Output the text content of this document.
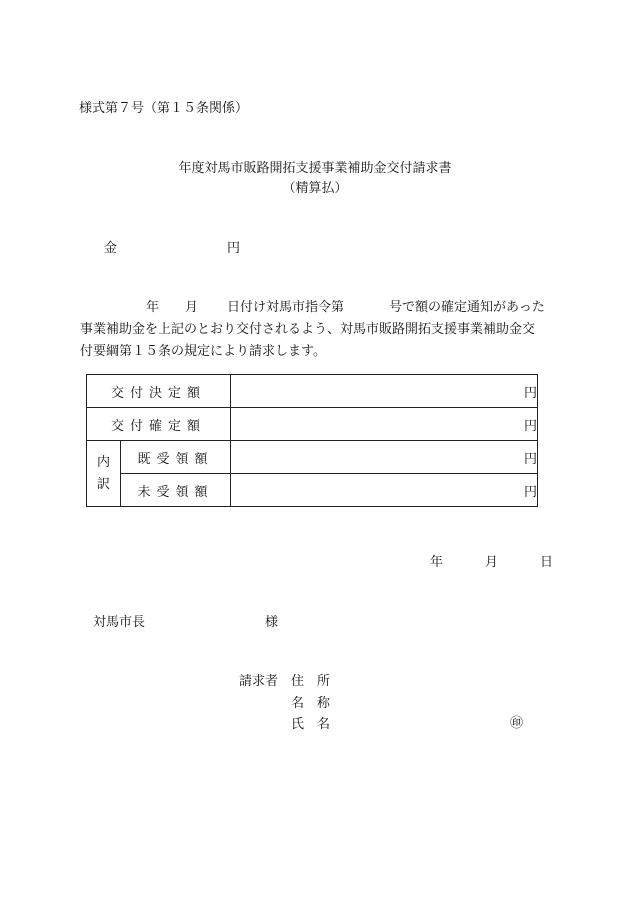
様式第７号（第１５条関係）
年度対馬市販路開拓支援事業補助金交付請求書
（精算払）
金	円
年 月 日付け対馬市指令第	号で額の確定通知があった
事業補助金を上記のとおり交付されるよう、対馬市販路開拓支援事業補助金交
付要綱第１５条の規定により請求します。
交付決定額		円
交付確定額		円

内訳	既受領額	円
	未受領額	円
年	月	日
対馬市長	様
請求者 住　所
名　称
氏　名	㊞
